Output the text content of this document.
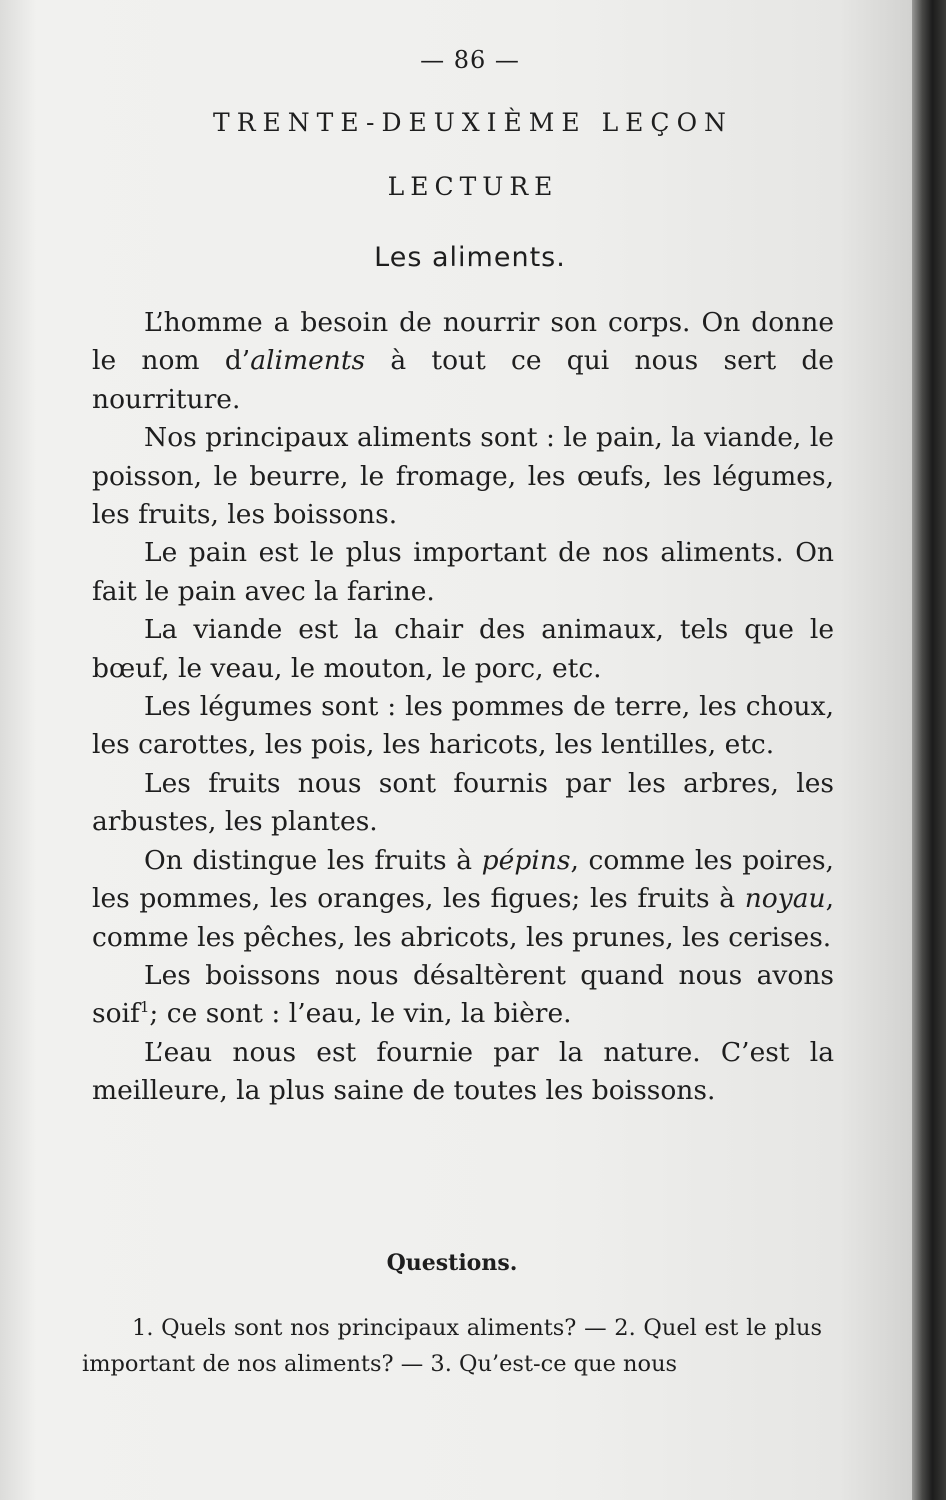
— 86 —
TRENTE-DEUXIÈME LEÇON
LECTURE
Les aliments.

L’homme a besoin de nourrir son corps. On donne le nom d’aliments à tout ce qui nous sert de nourriture.

Nos principaux aliments sont : le pain, la viande, le poisson, le beurre, le fromage, les œufs, les légumes, les fruits, les boissons.

Le pain est le plus important de nos aliments. On fait le pain avec la farine.

La viande est la chair des animaux, tels que le bœuf, le veau, le mouton, le porc, etc.

Les légumes sont : les pommes de terre, les choux, les carottes, les pois, les haricots, les lentilles, etc.

Les fruits nous sont fournis par les arbres, les arbustes, les plantes.

On distingue les fruits à pépins, comme les poires, les pommes, les oranges, les figues; les fruits à noyau, comme les pêches, les abricots, les prunes, les cerises.

Les boissons nous désaltèrent quand nous avons soif$^1$; ce sont : l’eau, le vin, la bière.

L’eau nous est fournie par la nature. C’est la meilleure, la plus saine de toutes les boissons.

Questions.

1. Quels sont nos principaux aliments? — 2. Quel est le plus important de nos aliments? — 3. Qu’est-ce que nous
